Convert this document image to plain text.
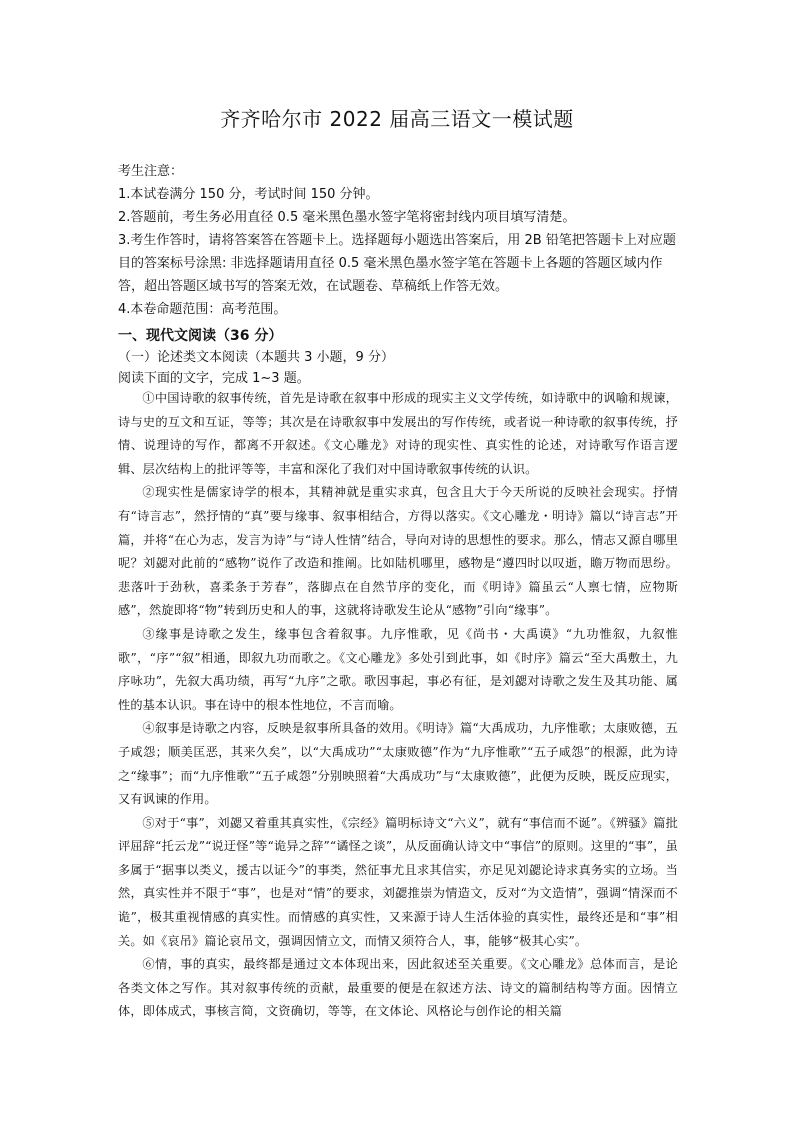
齐齐哈尔市 2022 届高三语文一模试题

考生注意：

1.本试卷满分 150 分，考试时间 150 分钟。

2.答题前，考生务必用直径 0.5 毫米黑色墨水签字笔将密封线内项目填写清楚。

3.考生作答时，请将答案答在答题卡上。选择题每小题选出答案后，用 2B 铅笔把答题卡上对应题目的答案标号涂黑: 非选择题请用直径 0.5 毫米黑色墨水签字笔在答题卡上各题的答题区域内作答，超出答题区域书写的答案无效，在试题卷、草稿纸上作答无效。

4.本卷命题范围：高考范围。

一、现代文阅读（36 分）

（一）论述类文本阅读（本题共 3 小题，9 分）

阅读下面的文字，完成 1~3 题。

①中国诗歌的叙事传统，首先是诗歌在叙事中形成的现实主义文学传统，如诗歌中的讽喻和规谏，诗与史的互文和互证，等等；其次是在诗歌叙事中发展出的写作传统，或者说一种诗歌的叙事传统，抒情、说理诗的写作，都离不开叙述。《文心雕龙》对诗的现实性、真实性的论述，对诗歌写作语言逻辑、层次结构上的批评等等，丰富和深化了我们对中国诗歌叙事传统的认识。

②现实性是儒家诗学的根本，其精神就是重实求真，包含且大于今天所说的反映社会现实。抒情有“诗言志”，然抒情的“真”要与缘事、叙事相结合，方得以落实。《文心雕龙・明诗》篇以“诗言志”开篇，并将“在心为志，发言为诗”与“诗人性情”结合，导向对诗的思想性的要求。那么，情志又源自哪里呢？刘勰对此前的“感物”说作了改造和推阐。比如陆机哪里，感物是“遵四时以叹逝，瞻万物而思纷。悲落叶于劲秋，喜柔条于芳春”，落脚点在自然节序的变化，而《明诗》篇虽云“人禀七情，应物斯感”，然旋即将“物”转到历史和人的事，这就将诗歌发生论从“感物”引向“缘事”。

③缘事是诗歌之发生，缘事包含着叙事。九序惟歌，见《尚书・大禹谟》“九功惟叙，九叙惟歌”，“序”“叙”相通，即叙九功而歌之。《文心雕龙》多处引到此事，如《时序》篇云“至大禹敷土，九序咏功”，先叙大禹功绩，再写“九序”之歌。歌因事起，事必有征，是刘勰对诗歌之发生及其功能、属性的基本认识。事在诗中的根本性地位，不言而喻。

④叙事是诗歌之内容，反映是叙事所具备的效用。《明诗》篇“大禹成功，九序惟歌；太康败德，五子咸怨；顺美匡恶，其来久矣”，以“大禹成功”“太康败德”作为“九序惟歌”“五子咸怨”的根源，此为诗之“缘事”；而“九序惟歌”“五子咸怨”分别映照着“大禹成功”与“太康败德”，此便为反映，既反应现实，又有讽谏的作用。

⑤对于“事”，刘勰又着重其真实性，《宗经》篇明标诗文“六义”，就有“事信而不诞”。《辨骚》篇批评屈辞“托云龙”“说迂怪”等“诡异之辞”“谲怪之谈”，从反面确认诗文中“事信”的原则。这里的“事”，虽多属于“据事以类义，援古以证今”的事类，然征事尤且求其信实，亦足见刘勰论诗求真务实的立场。当然，真实性并不限于“事”，也是对“情”的要求，刘勰推崇为情造文，反对“为文造情”，强调“情深而不诡”，极其重视情感的真实性。而情感的真实性，又来源于诗人生活体验的真实性，最终还是和“事”相关。如《哀吊》篇论哀吊文，强调因情立文，而情又须符合人，事，能够“极其心实”。

⑥情，事的真实，最终都是通过文本体现出来，因此叙述至关重要。《文心雕龙》总体而言，是论各类文体之写作。其对叙事传统的贡献，最重要的便是在叙述方法、诗文的篇制结构等方面。因情立体，即体成式，事核言简，文资确切，等等，在文体论、风格论与创作论的相关篇
